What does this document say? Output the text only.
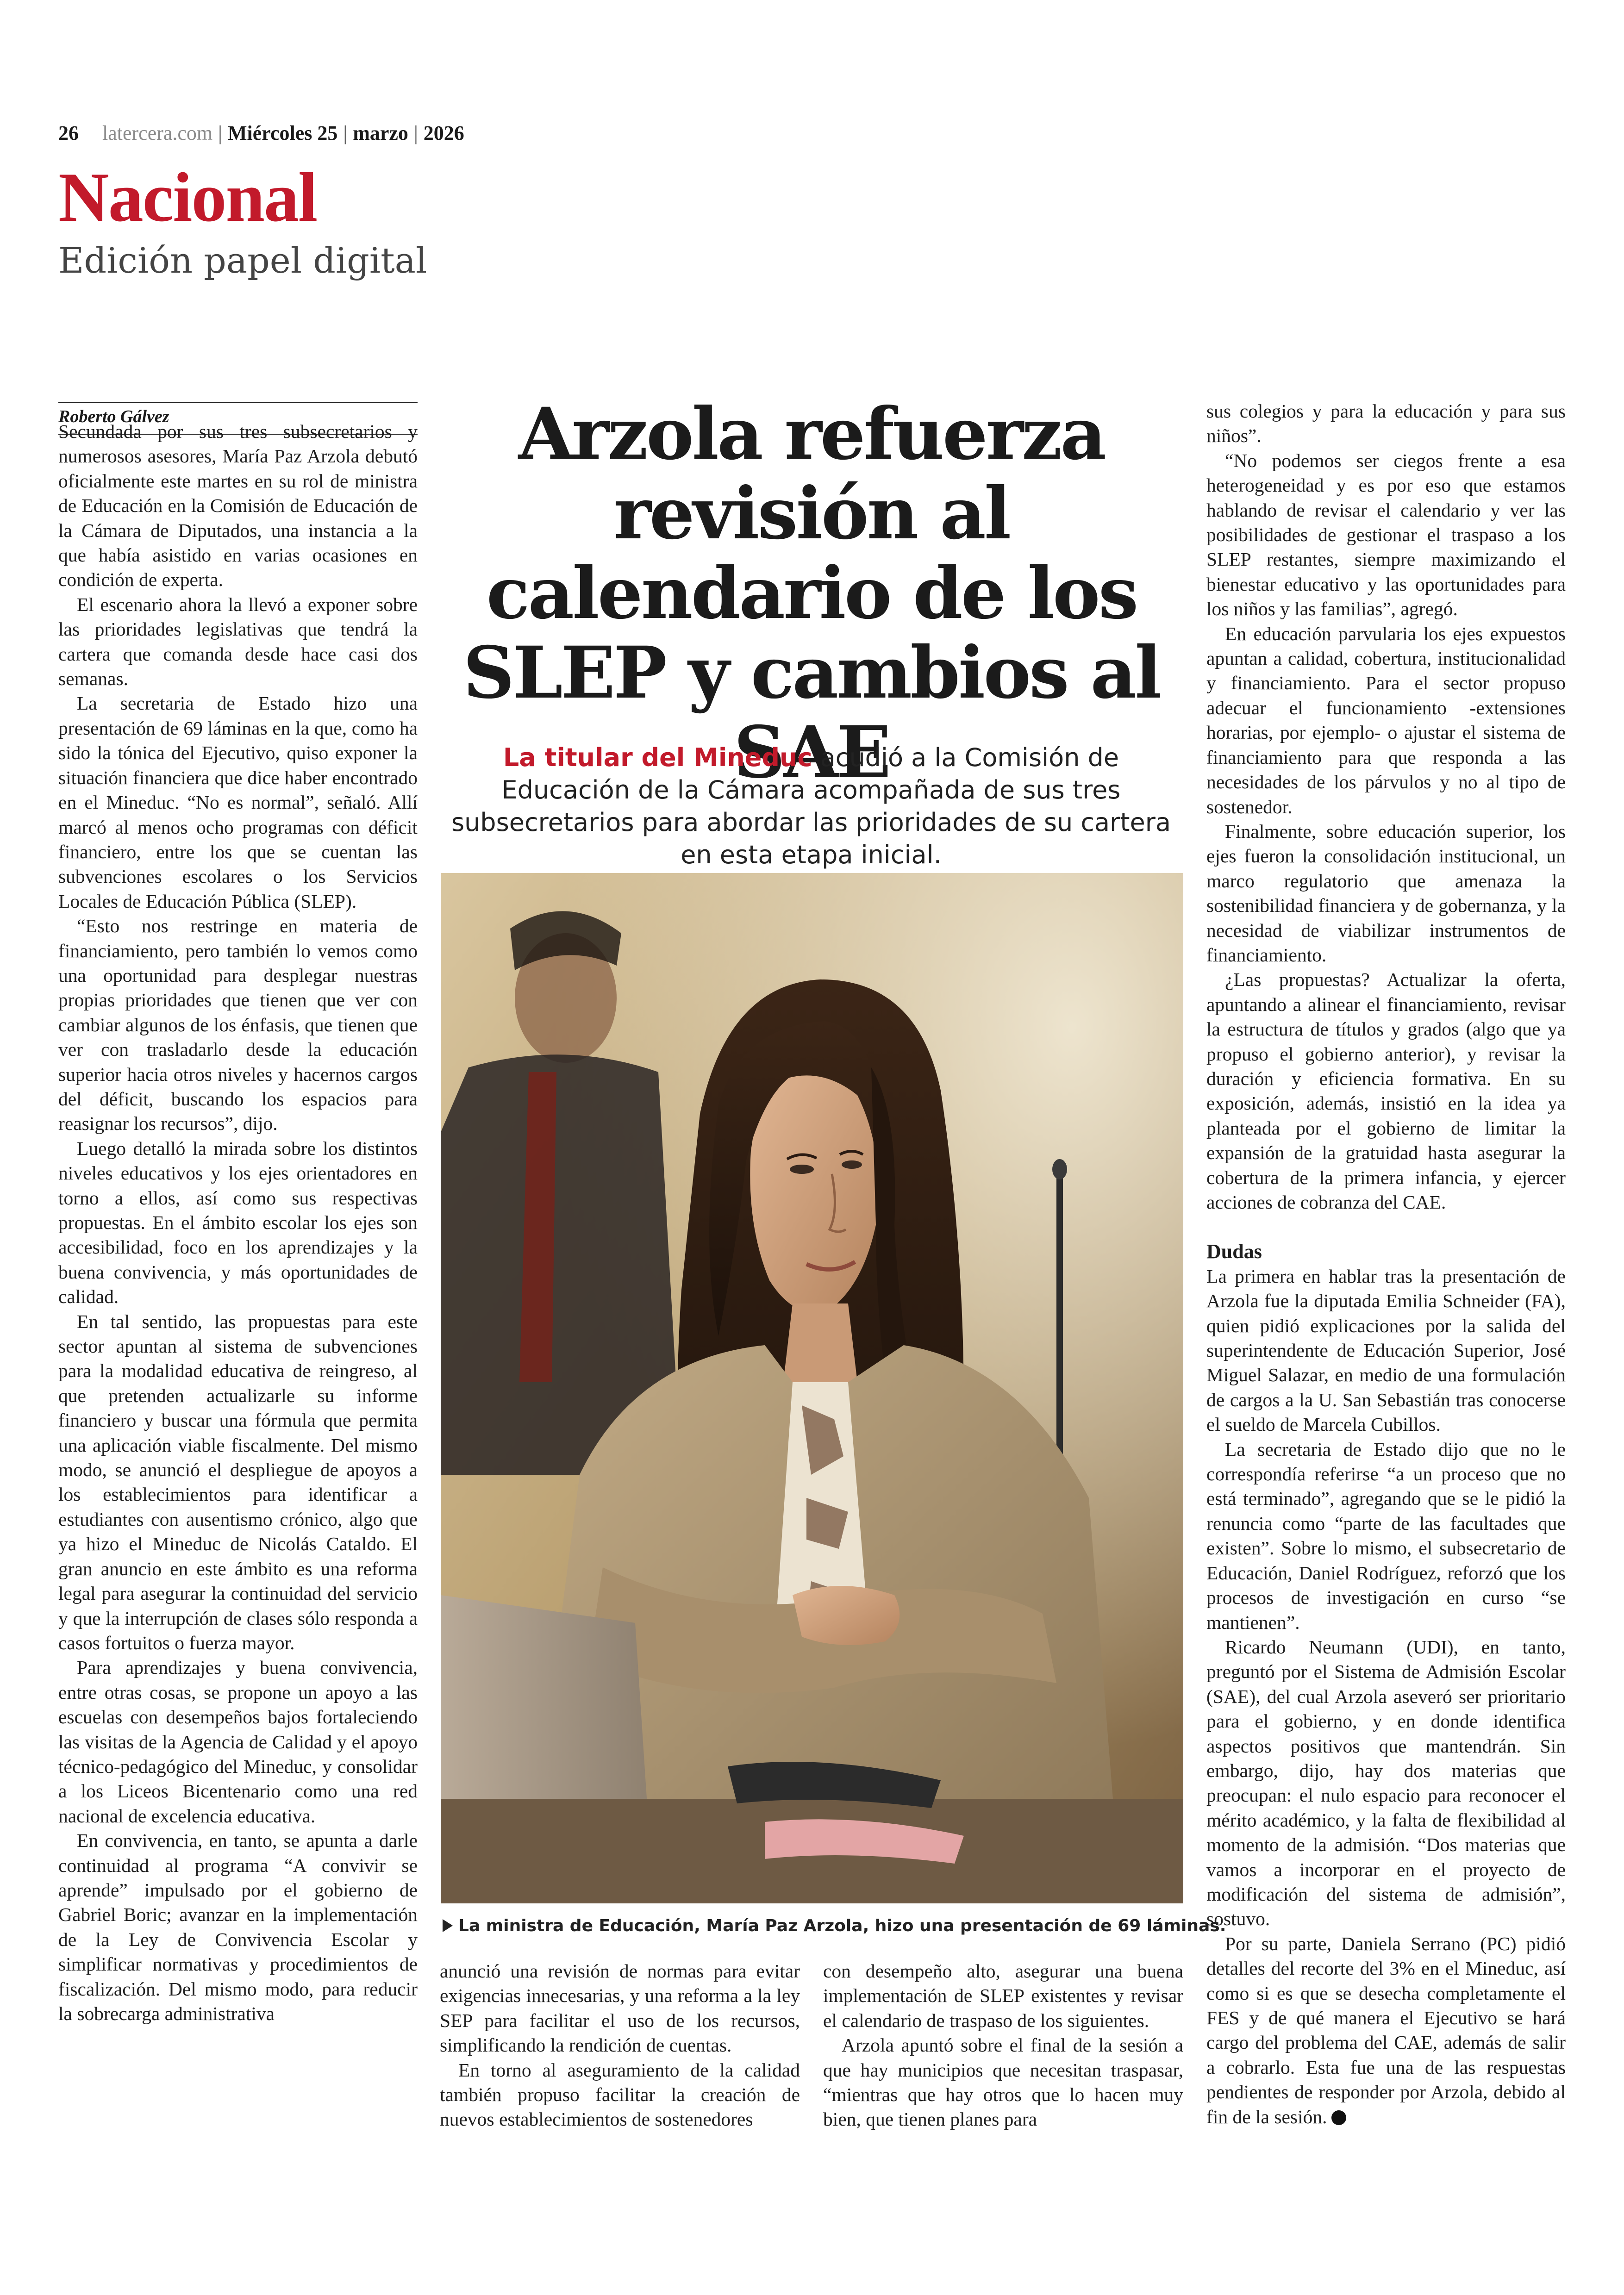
26 latercera.com | Miércoles 25 | marzo | 2026
Nacional
Edición papel digital
Roberto Gálvez

Secundada por sus tres subsecretarios y numerosos asesores, María Paz Arzola debutó oficialmente este martes en su rol de ministra de Educación en la Comisión de Educación de la Cámara de Diputados, una instancia a la que había asistido en varias ocasiones en condición de experta.

El escenario ahora la llevó a exponer sobre las prioridades legislativas que tendrá la cartera que comanda desde hace casi dos semanas.

La secretaria de Estado hizo una presentación de 69 láminas en la que, como ha sido la tónica del Ejecutivo, quiso exponer la situación financiera que dice haber encontrado en el Mineduc. “No es normal”, señaló. Allí marcó al menos ocho programas con déficit financiero, entre los que se cuentan las subvenciones escolares o los Servicios Locales de Educación Pública (SLEP).

“Esto nos restringe en materia de financiamiento, pero también lo vemos como una oportunidad para desplegar nuestras propias prioridades que tienen que ver con cambiar algunos de los énfasis, que tienen que ver con trasladarlo desde la educación superior hacia otros niveles y hacernos cargos del déficit, buscando los espacios para reasignar los recursos”, dijo.

Luego detalló la mirada sobre los distintos niveles educativos y los ejes orientadores en torno a ellos, así como sus respectivas propuestas. En el ámbito escolar los ejes son accesibilidad, foco en los aprendizajes y la buena convivencia, y más oportunidades de calidad.

En tal sentido, las propuestas para este sector apuntan al sistema de subvenciones para la modalidad educativa de reingreso, al que pretenden actualizarle su informe financiero y buscar una fórmula que permita una aplicación viable fiscalmente. Del mismo modo, se anunció el despliegue de apoyos a los establecimientos para identificar a estudiantes con ausentismo crónico, algo que ya hizo el Mineduc de Nicolás Cataldo. El gran anuncio en este ámbito es una reforma legal para asegurar la continuidad del servicio y que la interrupción de clases sólo responda a casos fortuitos o fuerza mayor.

Para aprendizajes y buena convivencia, entre otras cosas, se propone un apoyo a las escuelas con desempeños bajos fortaleciendo las visitas de la Agencia de Calidad y el apoyo técnico-pedagógico del Mineduc, y consolidar a los Liceos Bicentenario como una red nacional de excelencia educativa.

En convivencia, en tanto, se apunta a darle continuidad al programa “A convivir se aprende” impulsado por el gobierno de Gabriel Boric; avanzar en la implementación de la Ley de Convivencia Escolar y simplificar normativas y procedimientos de fiscalización. Del mismo modo, para reducir la sobrecarga administrativa

Arzola refuerza revisión al calendario de los SLEP y cambios al SAE
La titular del Mineduc acudió a la Comisión de Educación de la Cámara acompañada de sus tres subsecretarios para abordar las prioridades de su cartera en esta etapa inicial.
La ministra de Educación, María Paz Arzola, hizo una presentación de 69 láminas.

anunció una revisión de normas para evitar exigencias innecesarias, y una reforma a la ley SEP para facilitar el uso de los recursos, simplificando la rendición de cuentas.

En torno al aseguramiento de la calidad también propuso facilitar la creación de nuevos establecimientos de sostenedores

con desempeño alto, asegurar una buena implementación de SLEP existentes y revisar el calendario de traspaso de los siguientes.

Arzola apuntó sobre el final de la sesión a que hay municipios que necesitan traspasar, “mientras que hay otros que lo hacen muy bien, que tienen planes para

sus colegios y para la educación y para sus niños”.

“No podemos ser ciegos frente a esa heterogeneidad y es por eso que estamos hablando de revisar el calendario y ver las posibilidades de gestionar el traspaso a los SLEP restantes, siempre maximizando el bienestar educativo y las oportunidades para los niños y las familias”, agregó.

En educación parvularia los ejes expuestos apuntan a calidad, cobertura, institucionalidad y financiamiento. Para el sector propuso adecuar el funcionamiento -extensiones horarias, por ejemplo- o ajustar el sistema de financiamiento para que responda a las necesidades de los párvulos y no al tipo de sostenedor.

Finalmente, sobre educación superior, los ejes fueron la consolidación institucional, un marco regulatorio que amenaza la sostenibilidad financiera y de gobernanza, y la necesidad de viabilizar instrumentos de financiamiento.

¿Las propuestas? Actualizar la oferta, apuntando a alinear el financiamiento, revisar la estructura de títulos y grados (algo que ya propuso el gobierno anterior), y revisar la duración y eficiencia formativa. En su exposición, además, insistió en la idea ya planteada por el gobierno de limitar la expansión de la gratuidad hasta asegurar la cobertura de la primera infancia, y ejercer acciones de cobranza del CAE.

Dudas

La primera en hablar tras la presentación de Arzola fue la diputada Emilia Schneider (FA), quien pidió explicaciones por la salida del superintendente de Educación Superior, José Miguel Salazar, en medio de una formulación de cargos a la U. San Sebastián tras conocerse el sueldo de Marcela Cubillos.

La secretaria de Estado dijo que no le correspondía referirse “a un proceso que no está terminado”, agregando que se le pidió la renuncia como “parte de las facultades que existen”. Sobre lo mismo, el subsecretario de Educación, Daniel Rodríguez, reforzó que los procesos de investigación en curso “se mantienen”.

Ricardo Neumann (UDI), en tanto, preguntó por el Sistema de Admisión Escolar (SAE), del cual Arzola aseveró ser prioritario para el gobierno, y en donde identifica aspectos positivos que mantendrán. Sin embargo, dijo, hay dos materias que preocupan: el nulo espacio para reconocer el mérito académico, y la falta de flexibilidad al momento de la admisión. “Dos materias que vamos a incorporar en el proyecto de modificación del sistema de admisión”, sostuvo.

Por su parte, Daniela Serrano (PC) pidió detalles del recorte del 3% en el Mineduc, así como si es que se desecha completamente el FES y de qué manera el Ejecutivo se hará cargo del problema del CAE, además de salir a cobrarlo. Esta fue una de las respuestas pendientes de responder por Arzola, debido al fin de la sesión.
